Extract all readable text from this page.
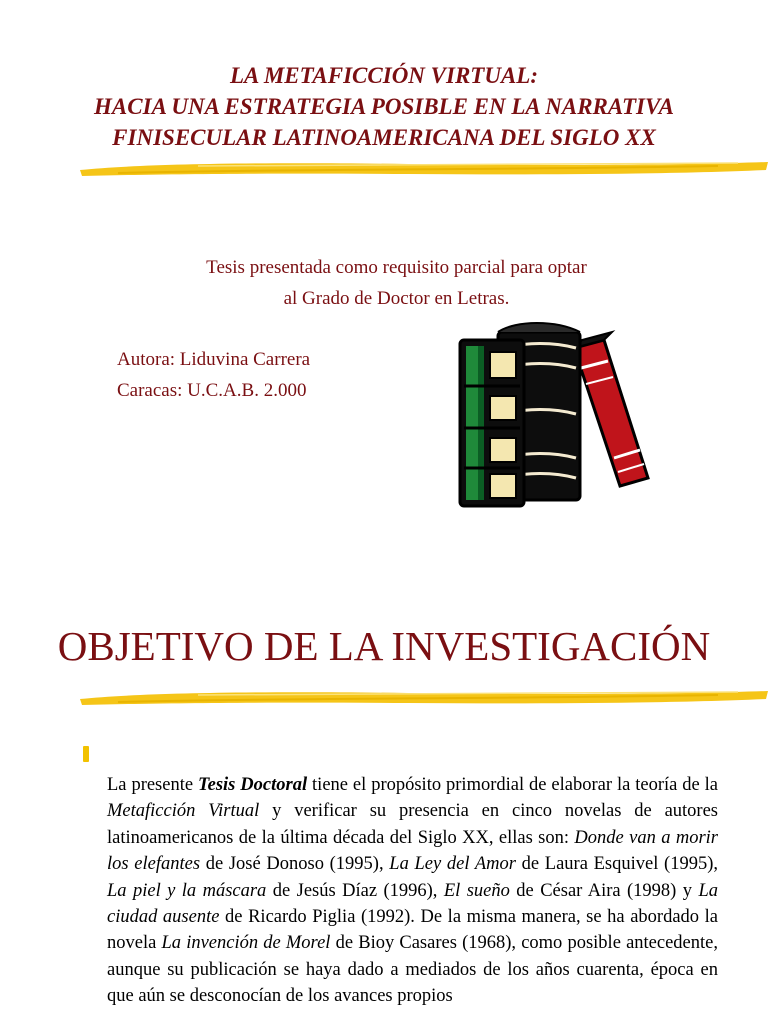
LA METAFICCIÓN VIRTUAL:
HACIA UNA ESTRATEGIA POSIBLE EN LA NARRATIVA
FINISECULAR LATINOAMERICANA DEL SIGLO XX
Tesis presentada como requisito parcial para optar
al Grado de Doctor en Letras.
Autora: Liduvina Carrera
Caracas: U.C.A.B. 2.000
OBJETIVO DE LA INVESTIGACIÓN
La presente Tesis Doctoral tiene el propósito primordial de elaborar la teoría de la Metaficción Virtual y verificar su presencia en cinco novelas de autores latinoamericanos de la última década del Siglo XX, ellas son: Donde van a morir los elefantes de José Donoso (1995), La Ley del Amor de Laura Esquivel (1995), La piel y la máscara de Jesús Díaz (1996), El sueño de César Aira (1998) y La ciudad ausente de Ricardo Piglia (1992). De la misma manera, se ha abordado la novela La invención de Morel de Bioy Casares (1968), como posible antecedente, aunque su publicación se haya dado a mediados de los años cuarenta, época en que aún se desconocían de los avances propios
